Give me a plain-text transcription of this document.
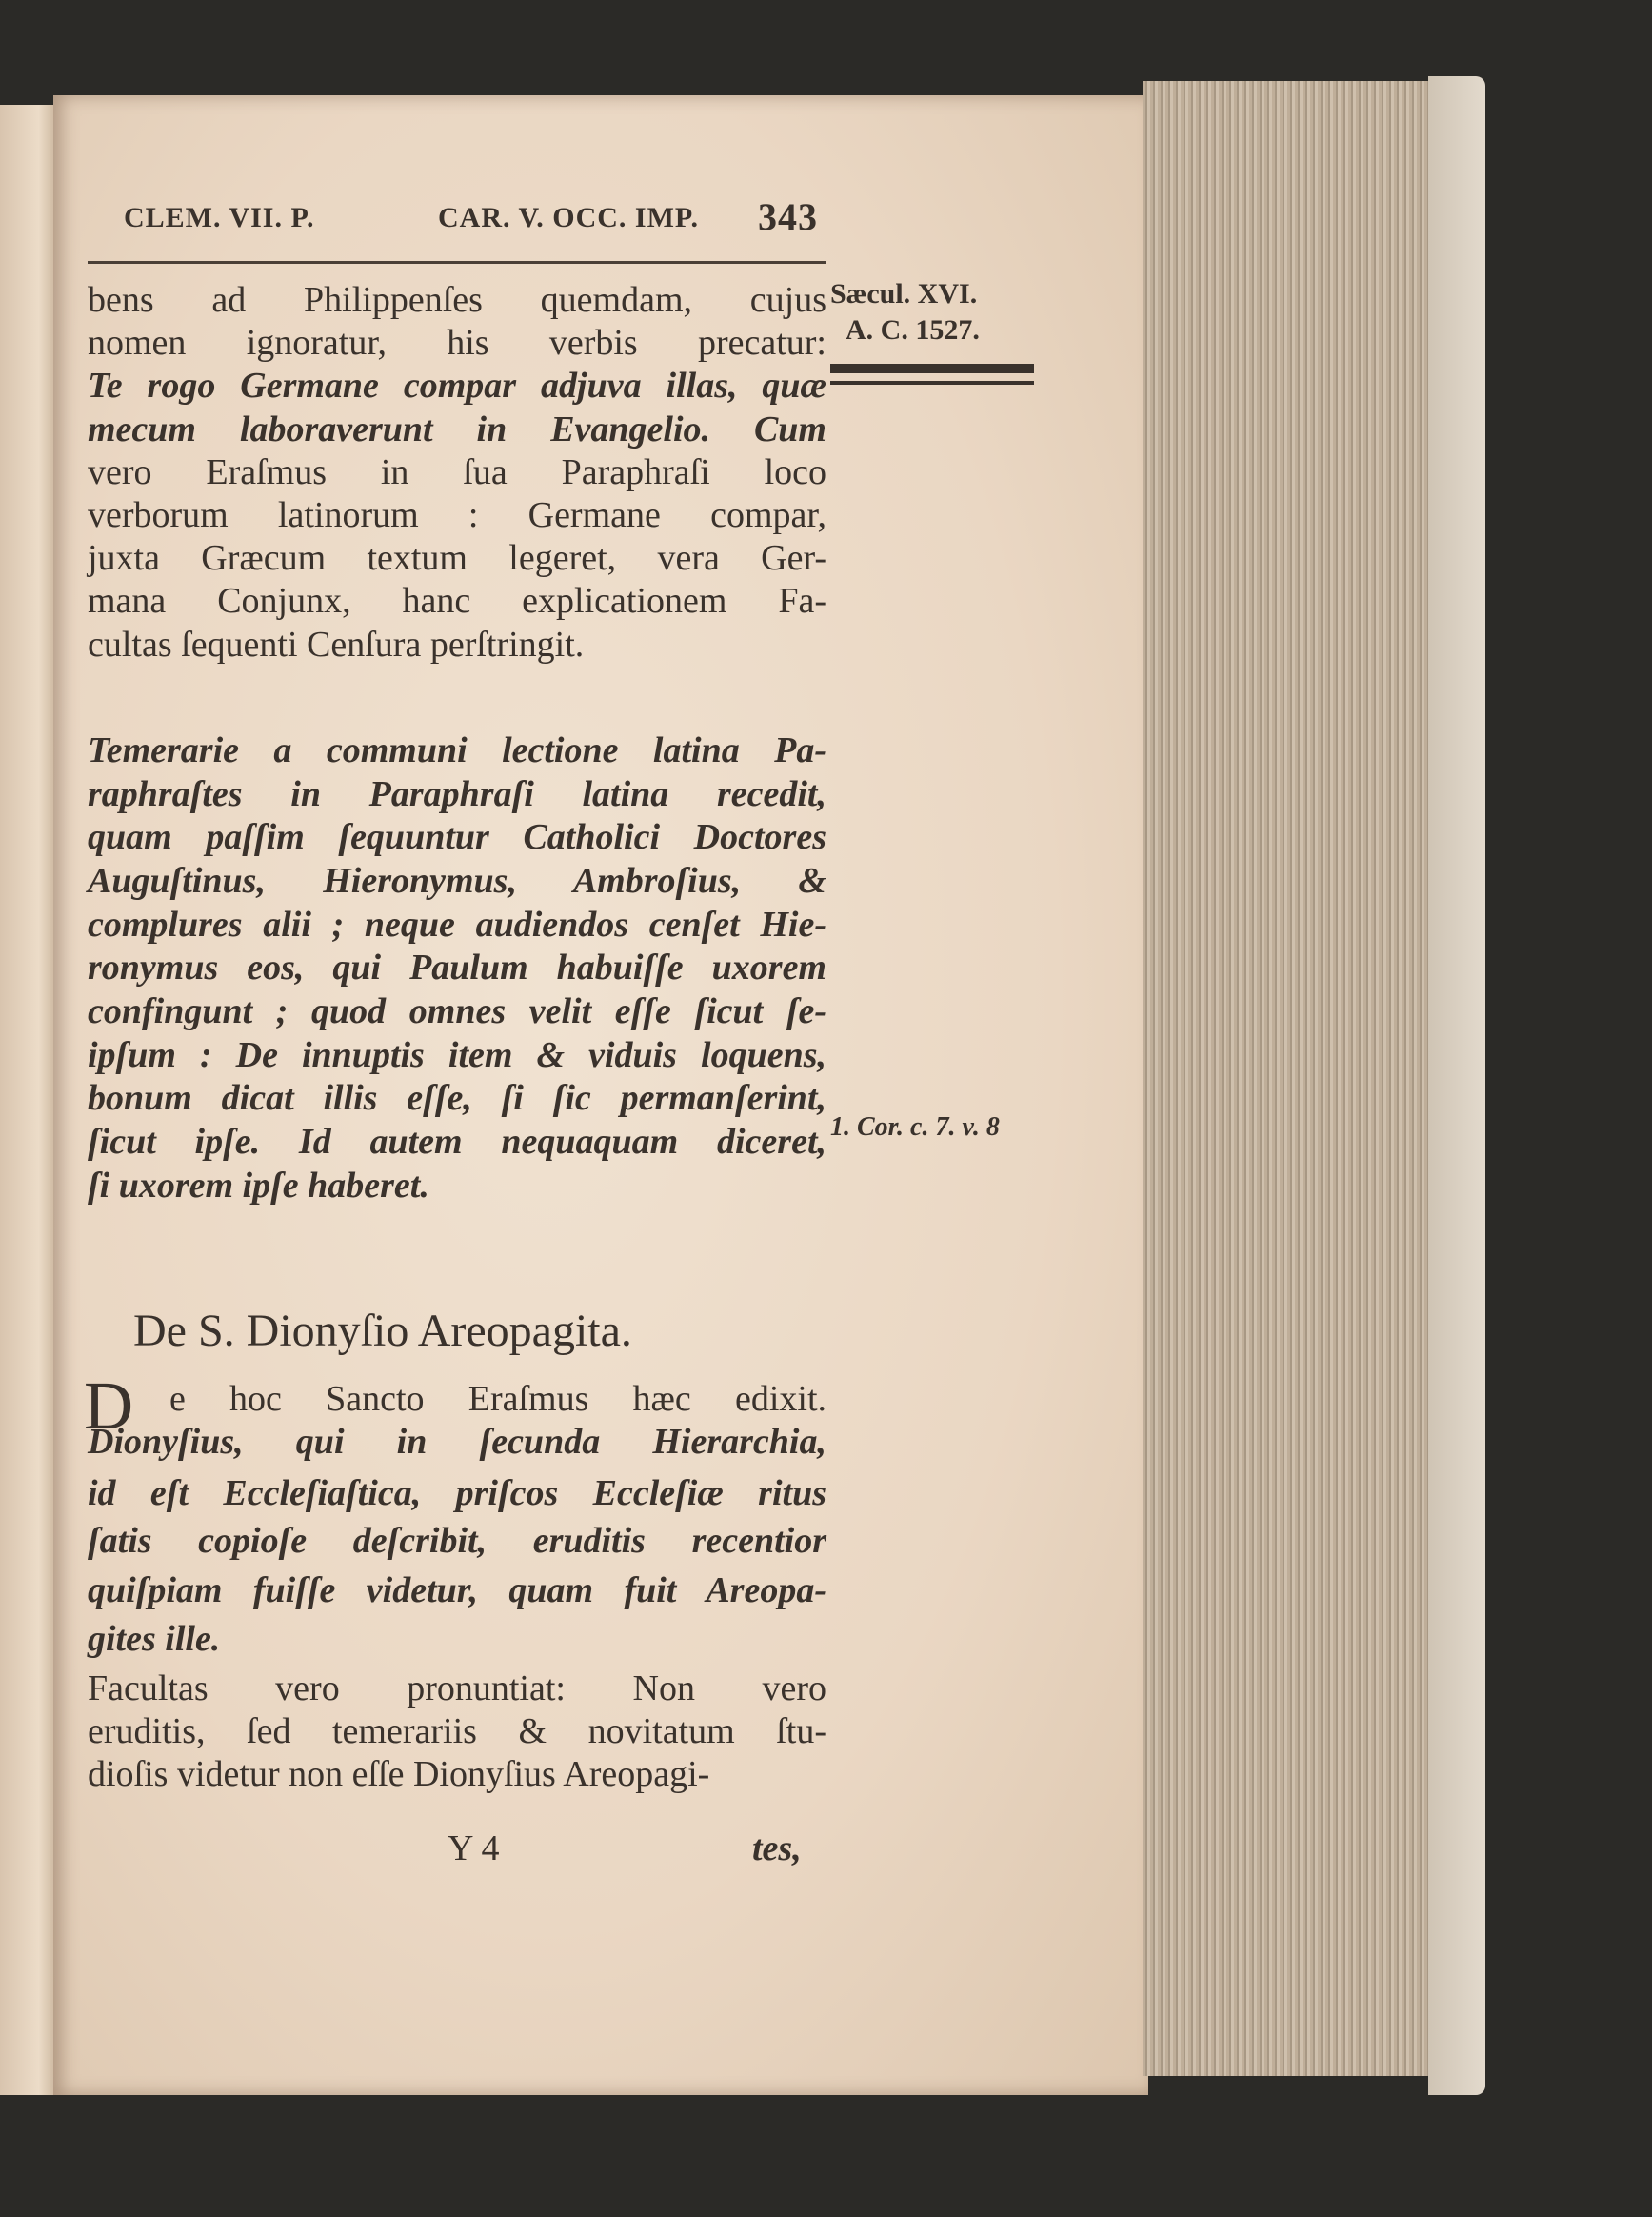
CLEM. VII. P.	CAR. V. OCC. IMP. 343
Sæcul. XVI.
A. C. 1527.
1. Cor. c. 7. v. 8
bens ad Philippenſes quemdam, cujus
nomen ignoratur, his verbis precatur:
Te rogo Germane compar adjuva illas, quæ
mecum laboraverunt in Evangelio. Cum
vero Eraſmus in ſua Paraphraſi loco
verborum latinorum : Germane compar,
juxta Græcum textum legeret, vera Ger-
mana Conjunx, hanc explicationem Fa-
cultas ſequenti Cenſura perſtringit.
Temerarie a communi lectione latina Pa-
raphraſtes in Paraphraſi latina recedit,
quam paſſim ſequuntur Catholici Doctores
Auguſtinus, Hieronymus, Ambroſius, &
complures alii ; neque audiendos cenſet Hie-
ronymus eos, qui Paulum habuiſſe uxorem
confingunt ; quod omnes velit eſſe ſicut ſe-
ipſum : De innuptis item & viduis loquens,
bonum dicat illis eſſe, ſi ſic permanſerint,
ſicut ipſe. Id autem nequaquam diceret,
ſi uxorem ipſe haberet.
Dionyſius, qui in ſecunda Hierarchia,
id eſt Eccleſiaſtica, priſcos Eccleſiæ ritus
ſatis copioſe deſcribit, eruditis recentior
quiſpiam fuiſſe videtur, quam fuit Areopa-
gites ille.
Facultas vero pronuntiat: Non vero
eruditis, ſed temerariis & novitatum ſtu-
dioſis videtur non eſſe Dionyſius Areopagi-
De S. Dionyſio Areopagita.
D e hoc Sancto Eraſmus hæc edixit.
Y 4	tes,
